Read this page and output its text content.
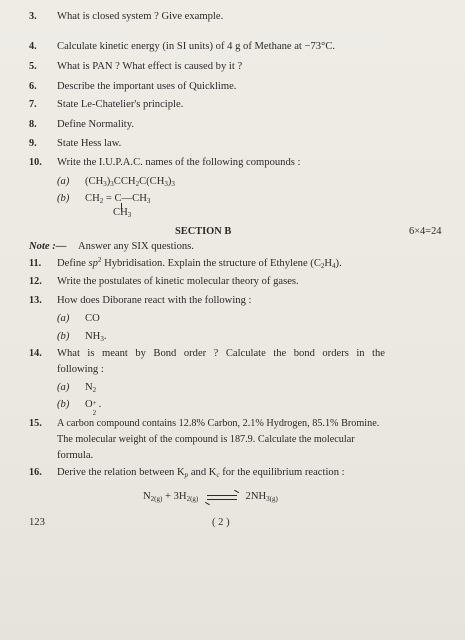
3. What is closed system ? Give example.
4. Calculate kinetic energy (in SI units) of 4 g of Methane at −73°C.
5. What is PAN ? What effect is caused by it ?
6. Describe the important uses of Quicklime.
7. State Le-Chatelier's principle.
8. Define Normality.
9. State Hess law.
10. Write the I.U.P.A.C. names of the following compounds :
(a) $(CH_3)_3CCH_2C(CH_3)_3$
(b) $CH_2$ = $C—CH_3$
$CH_3$
SECTION B	6×4=24
Note :— Answer any SIX questions.
11. Define $sp^2$ Hybridisation. Explain the structure of Ethylene $(C_2H_4)$.
12. Write the postulates of kinetic molecular theory of gases.
13. How does Diborane react with the following :
(a) CO
(b) $NH_3$.
14. What is meant by Bond order ? Calculate the bond orders in the
following :
(a) $N_2$
(b) O +
2
.
15. A carbon compound contains 12.8% Carbon, 2.1% Hydrogen, 85.1% Bromine.
The molecular weight of the compound is 187.9. Calculate the molecular
formula.
16. Derive the relation between $K_p$ and $K_c$ for the equilibrium reaction :
$N_{2(g)} + 3H_{2(g)}$	$2NH_{3(g)}$
123	( 2 )
